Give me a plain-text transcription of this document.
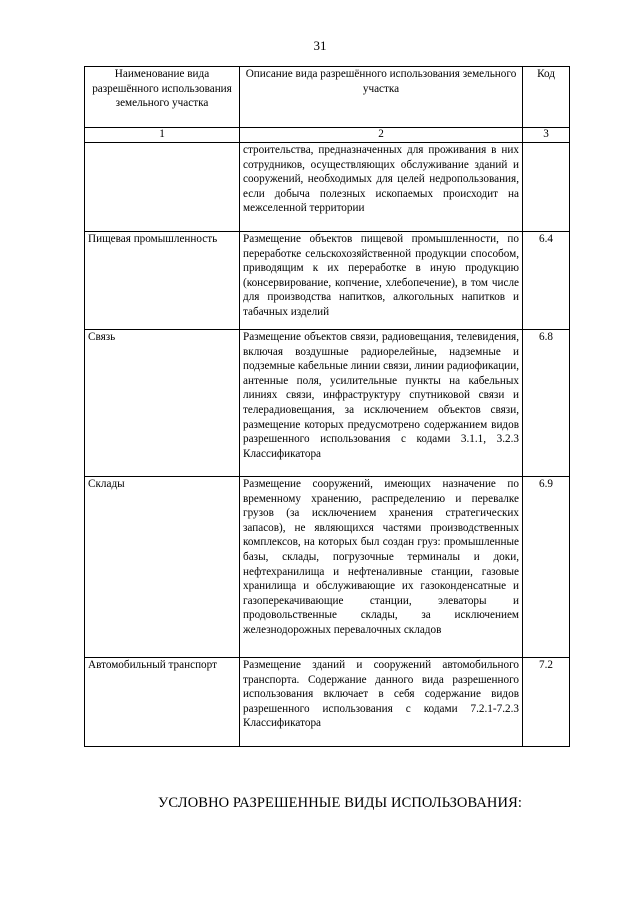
31
Наименование вида разрешённого использования земельного участка	Описание вида разрешённого использования земельного участка	Код
1	2	3
	строительства, предназначенных для проживания в них сотрудников, осуществляющих обслуживание зданий и сооружений, необходимых для целей недропользования, если добыча полезных ископаемых происходит на межселенной территории	
Пищевая промышленность	Размещение объектов пищевой промышленности, по переработке сельскохозяйственной продукции способом, приводящим к их переработке в иную продукцию (консервирование, копчение, хлебопечение), в том числе для производства напитков, алкогольных напитков и табачных изделий	6.4
Связь	Размещение объектов связи, радиовещания, телевидения, включая воздушные радиорелейные, надземные и подземные кабельные линии связи, линии радиофикации, антенные поля, усилительные пункты на кабельных линиях связи, инфраструктуру спутниковой связи и телерадиовещания, за исключением объектов связи, размещение которых предусмотрено содержанием видов разрешенного использования с кодами 3.1.1, 3.2.3 Классификатора	6.8
Склады	Размещение сооружений, имеющих назначение по временному хранению, распределению и перевалке грузов (за исключением хранения стратегических запасов), не являющихся частями производственных комплексов, на которых был создан груз: промышленные базы, склады, погрузочные терминалы и доки, нефтехранилища и нефтеналивные станции, газовые хранилища и обслуживающие их газоконденсатные и газоперекачивающие станции, элеваторы и продовольственные склады, за исключением железнодорожных перевалочных складов	6.9
Автомобильный транспорт	Размещение зданий и сооружений автомобильного транспорта. Содержание данного вида разрешенного использования включает в себя содержание видов разрешенного использования с кодами 7.2.1-7.2.3 Классификатора	7.2
УСЛОВНО РАЗРЕШЕННЫЕ ВИДЫ ИСПОЛЬЗОВАНИЯ:
